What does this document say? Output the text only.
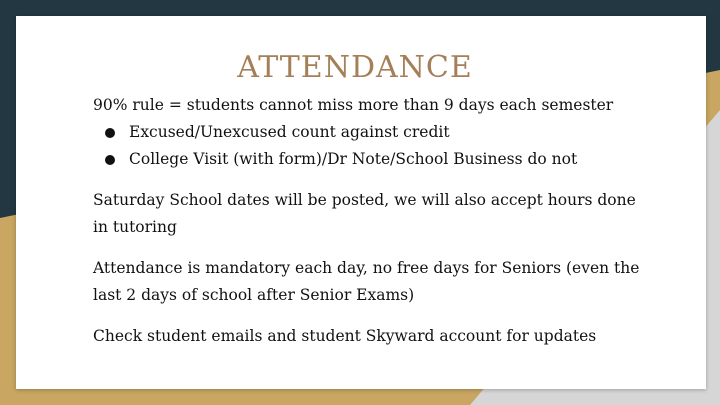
ATTENDANCE

90% rule = students cannot miss more than 9 days each semester

Excused/Unexcused count against credit
College Visit (with form)/Dr Note/School Business do not

Saturday School dates will be posted, we will also accept hours done in tutoring

Attendance is mandatory each day, no free days for Seniors (even the last 2 days of school after Senior Exams)

Check student emails and student Skyward account for updates
